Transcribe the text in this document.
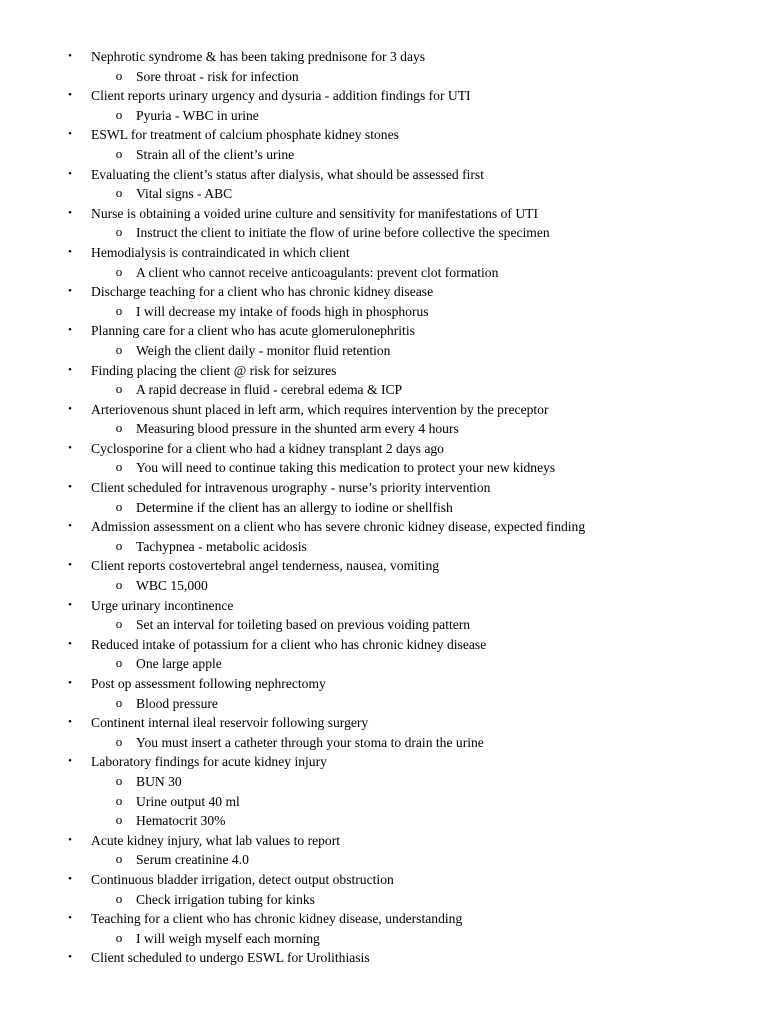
• Nephrotic syndrome & has been taking prednisone for 3 days
o Sore throat - risk for infection
• Client reports urinary urgency and dysuria - addition findings for UTI
o Pyuria - WBC in urine
• ESWL for treatment of calcium phosphate kidney stones
o Strain all of the client’s urine
• Evaluating the client’s status after dialysis, what should be assessed first
o Vital signs - ABC
• Nurse is obtaining a voided urine culture and sensitivity for manifestations of UTI
o Instruct the client to initiate the flow of urine before collective the specimen
• Hemodialysis is contraindicated in which client
o A client who cannot receive anticoagulants: prevent clot formation
• Discharge teaching for a client who has chronic kidney disease
o I will decrease my intake of foods high in phosphorus
• Planning care for a client who has acute glomerulonephritis
o Weigh the client daily - monitor fluid retention
• Finding placing the client @ risk for seizures
o A rapid decrease in fluid - cerebral edema & ICP
• Arteriovenous shunt placed in left arm, which requires intervention by the preceptor
o Measuring blood pressure in the shunted arm every 4 hours
• Cyclosporine for a client who had a kidney transplant 2 days ago
o You will need to continue taking this medication to protect your new kidneys
• Client scheduled for intravenous urography - nurse’s priority intervention
o Determine if the client has an allergy to iodine or shellfish
• Admission assessment on a client who has severe chronic kidney disease, expected finding
o Tachypnea - metabolic acidosis
• Client reports costovertebral angel tenderness, nausea, vomiting
o WBC 15,000
• Urge urinary incontinence
o Set an interval for toileting based on previous voiding pattern
• Reduced intake of potassium for a client who has chronic kidney disease
o One large apple
• Post op assessment following nephrectomy
o Blood pressure
• Continent internal ileal reservoir following surgery
o You must insert a catheter through your stoma to drain the urine
• Laboratory findings for acute kidney injury
o BUN 30
o Urine output 40 ml
o Hematocrit 30%
• Acute kidney injury, what lab values to report
o Serum creatinine 4.0
• Continuous bladder irrigation, detect output obstruction
o Check irrigation tubing for kinks
• Teaching for a client who has chronic kidney disease, understanding
o I will weigh myself each morning
• Client scheduled to undergo ESWL for Urolithiasis
